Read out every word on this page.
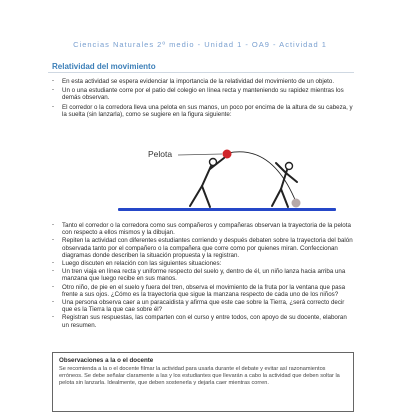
Ciencias Naturales 2º medio - Unidad 1 - OA9 - Actividad 1
Relatividad del movimiento
- En esta actividad se espera evidenciar la importancia de la relatividad del movimiento de un objeto.
- Un o una estudiante corre por el patio del colegio en línea recta y manteniendo su rapidez mientras los demás observan.
- El corredor o la corredora lleva una pelota en sus manos, un poco por encima de la altura de su cabeza, y la suelta (sin lanzarla), como se sugiere en la figura siguiente:
Pelota
- Tanto el corredor o la corredora como sus compañeros y compañeras observan la trayectoria de la pelota con respecto a ellos mismos y la dibujan.
- Repiten la actividad con diferentes estudiantes corriendo y después debaten sobre la trayectoria del balón observada tanto por el compañero o la compañera que corre como por quienes miran. Confeccionan diagramas donde describen la situación propuesta y la registran.
- Luego discuten en relación con las siguientes situaciones:
- Un tren viaja en línea recta y uniforme respecto del suelo y, dentro de él, un niño lanza hacia arriba una manzana que luego recibe en sus manos.
- Otro niño, de pie en el suelo y fuera del tren, observa el movimiento de la fruta por la ventana que pasa frente a sus ojos. ¿Cómo es la trayectoria que sigue la manzana respecto de cada uno de los niños?
- Una persona observa caer a un paracaidista y afirma que este cae sobre la Tierra, ¿será correcto decir que es la Tierra la que cae sobre él?
- Registran sus respuestas, las comparten con el curso y entre todos, con apoyo de su docente, elaboran un resumen.
Observaciones a la o el docente
Se recomienda a la o el docente filmar la actividad para usarla durante el debate y evitar así razonamientos erróneos. Se debe señalar claramente a las y los estudiantes que llevarán a cabo la actividad que deben soltar la pelota sin lanzarla. Idealmente, que deben sostenerla y dejarla caer mientras corren.
